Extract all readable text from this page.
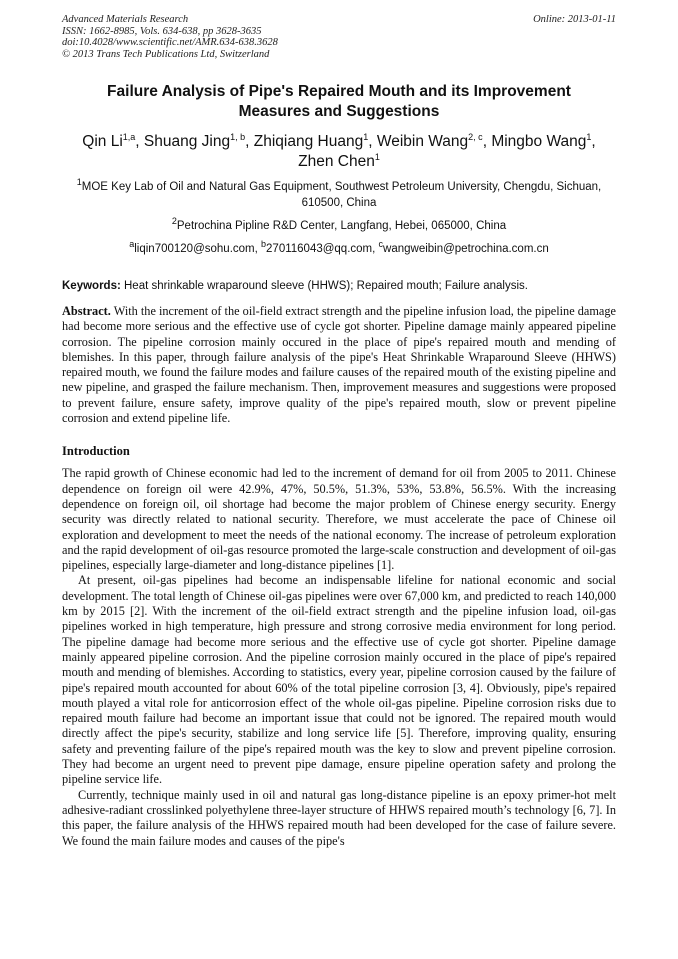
Advanced Materials Research
ISSN: 1662-8985, Vols. 634-638, pp 3628-3635
doi:10.4028/www.scientific.net/AMR.634-638.3628
© 2013 Trans Tech Publications Ltd, Switzerland
Online: 2013-01-11
Failure Analysis of Pipe's Repaired Mouth and its Improvement Measures and Suggestions
Qin Li$^{1,a}$, Shuang Jing$^{1, b}$, Zhiqiang Huang$^1$, Weibin Wang$^{2, c}$, Mingbo Wang$^1$,
Zhen Chen$^1$
$^1$MOE Key Lab of Oil and Natural Gas Equipment, Southwest Petroleum University, Chengdu, Sichuan, 610500, China
$^2$Petrochina Pipline R&D Center, Langfang, Hebei, 065000, China
$^a$liqin700120@sohu.com, $^b$270116043@qq.com, $^c$wangweibin@petrochina.com.cn
Keywords: Heat shrinkable wraparound sleeve (HHWS); Repaired mouth; Failure analysis.
Abstract. With the increment of the oil-field extract strength and the pipeline infusion load, the pipeline damage had become more serious and the effective use of cycle got shorter. Pipeline damage mainly appeared pipeline corrosion. The pipeline corrosion mainly occured in the place of pipe's repaired mouth and mending of blemishes. In this paper, through failure analysis of the pipe's Heat Shrinkable Wraparound Sleeve (HHWS) repaired mouth, we found the failure modes and failure causes of the repaired mouth of the existing pipeline and new pipeline, and grasped the failure mechanism. Then, improvement measures and suggestions were proposed to prevent failure, ensure safety, improve quality of the pipe's repaired mouth, slow or prevent pipeline corrosion and extend pipeline life.
Introduction
The rapid growth of Chinese economic had led to the increment of demand for oil from 2005 to 2011. Chinese dependence on foreign oil were 42.9%, 47%, 50.5%, 51.3%, 53%, 53.8%, 56.5%. With the increasing dependence on foreign oil, oil shortage had become the major problem of Chinese energy security. Energy security was directly related to national security. Therefore, we must accelerate the pace of Chinese oil exploration and development to meet the needs of the national economy. The increase of petroleum exploration and the rapid development of oil-gas resource promoted the large-scale construction and development of oil-gas pipelines, especially large-diameter and long-distance pipelines [1].
At present, oil-gas pipelines had become an indispensable lifeline for national economic and social development. The total length of Chinese oil-gas pipelines were over 67,000 km, and predicted to reach 140,000 km by 2015 [2]. With the increment of the oil-field extract strength and the pipeline infusion load, oil-gas pipelines worked in high temperature, high pressure and strong corrosive media environment for long period. The pipeline damage had become more serious and the effective use of cycle got shorter. Pipeline damage mainly appeared pipeline corrosion. And the pipeline corrosion mainly occured in the place of pipe's repaired mouth and mending of blemishes. According to statistics, every year, pipeline corrosion caused by the failure of pipe's repaired mouth accounted for about 60% of the total pipeline corrosion [3, 4]. Obviously, pipe's repaired mouth played a vital role for anticorrosion effect of the whole oil-gas pipeline. Pipeline corrosion risks due to repaired mouth failure had become an important issue that could not be ignored. The repaired mouth would directly affect the pipe's security, stabilize and long service life [5]. Therefore, improving quality, ensuring safety and preventing failure of the pipe's repaired mouth was the key to slow and prevent pipeline corrosion. They had become an urgent need to prevent pipe damage, ensure pipeline operation safety and prolong the pipeline service life.
Currently, technique mainly used in oil and natural gas long-distance pipeline is an epoxy primer-hot melt adhesive-radiant crosslinked polyethylene three-layer structure of HHWS repaired mouth’s technology [6, 7]. In this paper, the failure analysis of the HHWS repaired mouth had been developed for the case of failure severe. We found the main failure modes and causes of the pipe's
